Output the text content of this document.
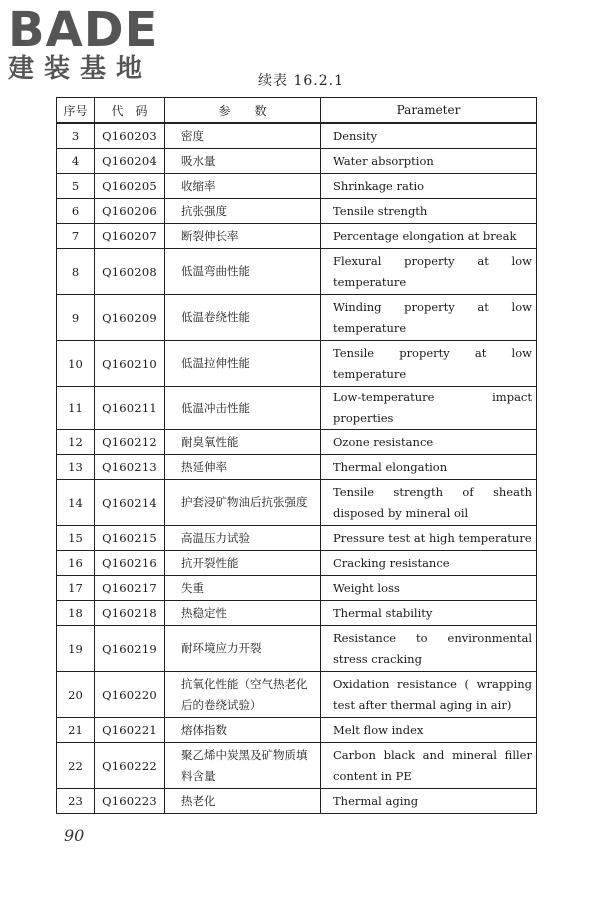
BADE
建装基地	续表 16.2.1
序号	代　码	参　　数	Parameter
3	Q160203	密度	Density
4	Q160204	吸水量	Water absorption
5	Q160205	收缩率	Shrinkage ratio
6	Q160206	抗张强度	Tensile strength
7	Q160207	断裂伸长率	Percentage elongation at break
8	Q160208	低温弯曲性能	Flexural property at low temperature
9	Q160209	低温卷绕性能	Winding property at low temperature
10	Q160210	低温拉伸性能	Tensile property at low temperature
11	Q160211	低温冲击性能	Low-temperature impact properties
12	Q160212	耐臭氧性能	Ozone resistance
13	Q160213	热延伸率	Thermal elongation
14	Q160214	护套浸矿物油后抗张强度	Tensile strength of sheath disposed by mineral oil
15	Q160215	高温压力试验	Pressure test at high temperature
16	Q160216	抗开裂性能	Cracking resistance
17	Q160217	失重	Weight loss
18	Q160218	热稳定性	Thermal stability
19	Q160219	耐环境应力开裂	Resistance to environmental stress cracking
20	Q160220	抗氧化性能（空气热老化后的卷绕试验）	Oxidation resistance ( wrapping test after thermal aging in air)
21	Q160221	熔体指数	Melt flow index
22	Q160222	聚乙烯中炭黑及矿物质填料含量	Carbon black and mineral filler content in PE
23	Q160223	热老化	Thermal aging
90
